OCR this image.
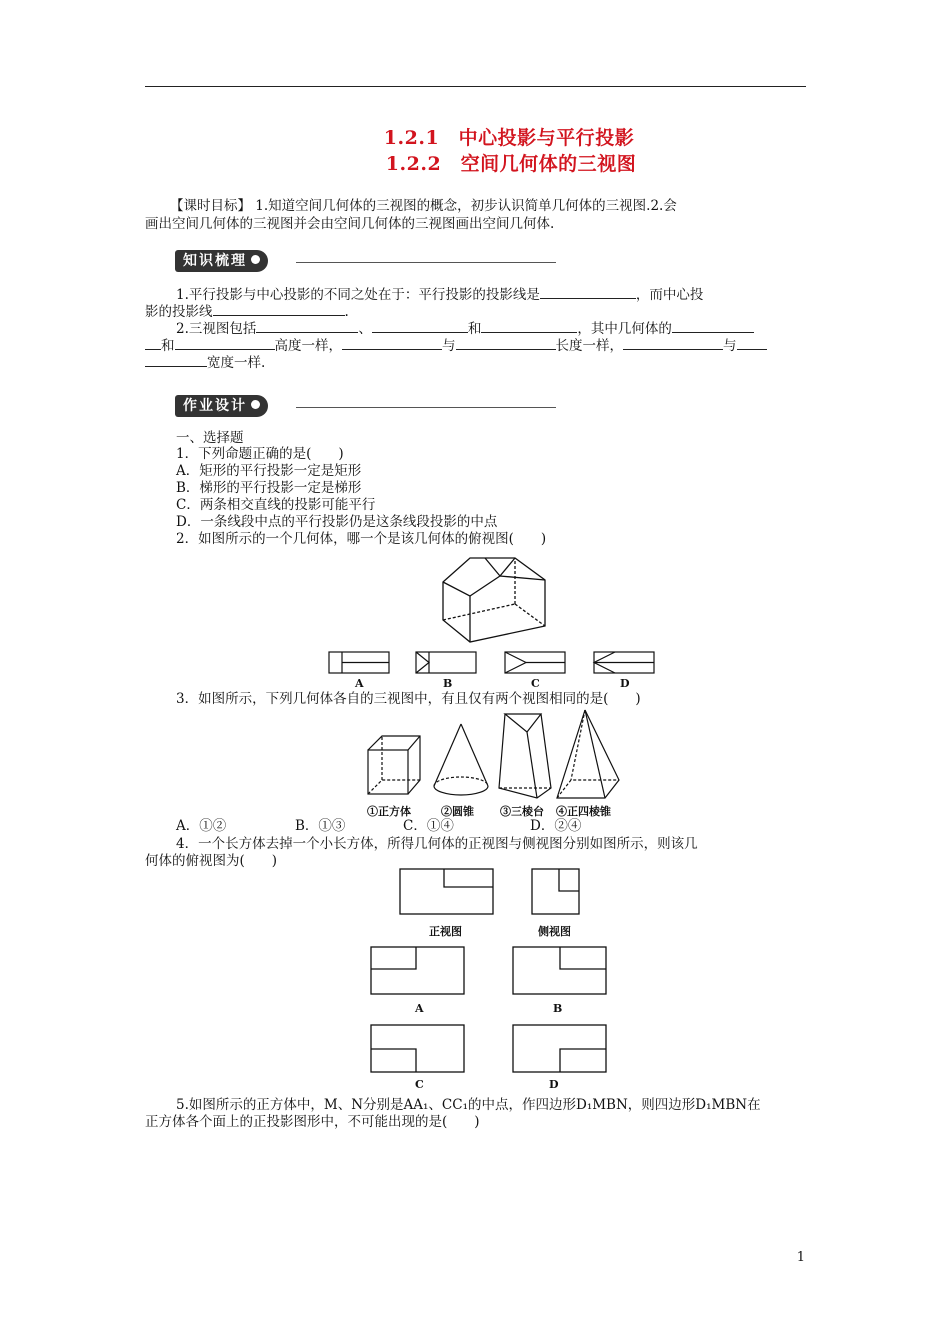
1.2.1　中心投影与平行投影
1.2.2　空间几何体的三视图
【课时目标】 1.知道空间几何体的三视图的概念，初步认识简单几何体的三视图.2.会
画出空间几何体的三视图并会由空间几何体的三视图画出空间几何体.
知识梳理
1.平行投影与中心投影的不同之处在于：平行投影的投影线是	，而中心投
影的投影线	.
2.三视图包括	、	和	，其中几何体的
和	高度一样，	与	长度一样，	与
宽度一样.
作业设计
一、选择题
1．下列命题正确的是(　　)
A．矩形的平行投影一定是矩形
B．梯形的平行投影一定是梯形
C．两条相交直线的投影可能平行
D．一条线段中点的平行投影仍是这条线段投影的中点
2．如图所示的一个几何体，哪一个是该几何体的俯视图(　　)
A	B	C	D
3．如图所示，下列几何体各自的三视图中，有且仅有两个视图相同的是(　　)
①正方体	②圆锥 ③三棱台 ④正四棱锥
A．①②	B．①③	C．①④	D．②④
4．一个长方体去掉一个小长方体，所得几何体的正视图与侧视图分别如图所示，则该几
何体的俯视图为(　　)
正视图	侧视图
A	B
C	D
5.如图所示的正方体中，M、N分别是AA₁、CC₁的中点，作四边形D₁MBN，则四边形D₁MBN在
正方体各个面上的正投影图形中，不可能出现的是(　　)
1
